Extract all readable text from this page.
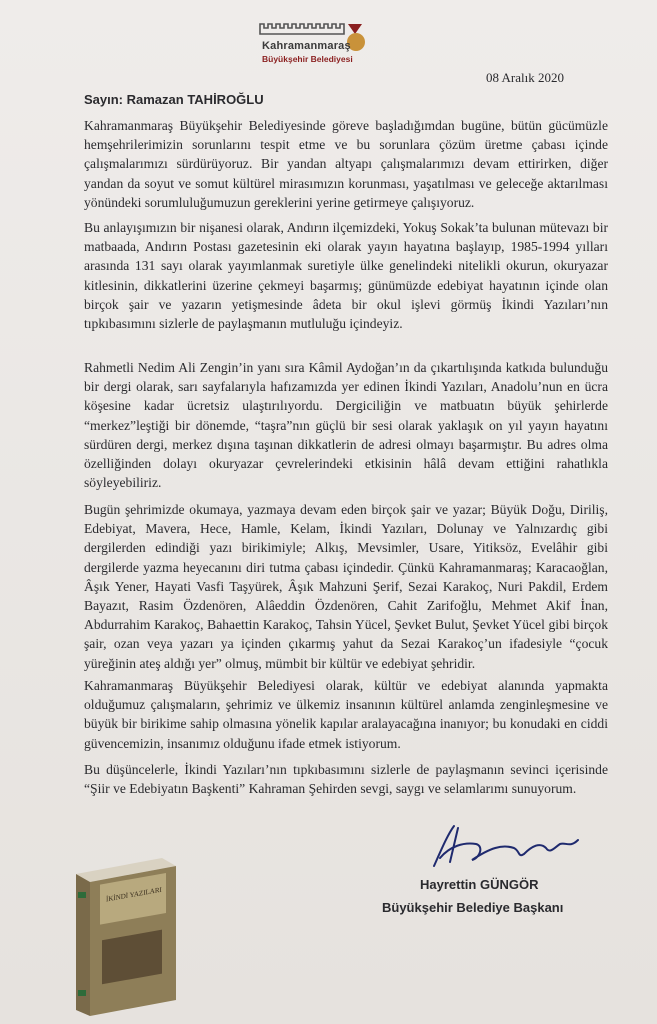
Kahramanmaraş
Büyükşehir Belediyesi
08 Aralık 2020
Sayın: Ramazan TAHİROĞLU

Kahramanmaraş Büyükşehir Belediyesinde göreve başladığımdan bugüne, bütün gücümüzle hemşehrilerimizin sorunlarını tespit etme ve bu sorunlara çözüm üretme çabası içinde çalışmalarımızı sürdürüyoruz. Bir yandan altyapı çalışmalarımızı devam ettirirken, diğer yandan da soyut ve somut kültürel mirasımızın korunması, yaşatılması ve geleceğe aktarılması yönündeki sorumluluğumuzun gereklerini yerine getirmeye çalışıyoruz.

Bu anlayışımızın bir nişanesi olarak, Andırın ilçemizdeki, Yokuş Sokak’ta bulunan mütevazı bir matbaada, Andırın Postası gazetesinin eki olarak yayın hayatına başlayıp, 1985-1994 yılları arasında 131 sayı olarak yayımlanmak suretiyle ülke genelindeki nitelikli okurun, okuryazar kitlesinin, dikkatlerini üzerine çekmeyi başarmış; günümüzde edebiyat hayatının içinde olan birçok şair ve yazarın yetişmesinde âdeta bir okul işlevi görmüş İkindi Yazıları’nın tıpkıbasımını sizlerle de paylaşmanın mutluluğu içindeyiz.

Rahmetli Nedim Ali Zengin’in yanı sıra Kâmil Aydoğan’ın da çıkartılışında katkıda bulunduğu bir dergi olarak, sarı sayfalarıyla hafızamızda yer edinen İkindi Yazıları, Anadolu’nun en ücra köşesine kadar ücretsiz ulaştırılıyordu. Dergiciliğin ve matbuatın büyük şehirlerde “merkez”leştiği bir dönemde, “taşra”nın güçlü bir sesi olarak yaklaşık on yıl yayın hayatını sürdüren dergi, merkez dışına taşınan dikkatlerin de adresi olmayı başarmıştır. Bu adres olma özelliğinden dolayı okuryazar çevrelerindeki etkisinin hâlâ devam ettiğini rahatlıkla söyleyebiliriz.

Bugün şehrimizde okumaya, yazmaya devam eden birçok şair ve yazar; Büyük Doğu, Diriliş, Edebiyat, Mavera, Hece, Hamle, Kelam, İkindi Yazıları, Dolunay ve Yalnızardıç gibi dergilerden edindiği yazı birikimiyle; Alkış, Mevsimler, Usare, Yitiksöz, Evelâhir gibi dergilerde yazma heyecanını diri tutma çabası içindedir. Çünkü Kahramanmaraş; Karacaoğlan, Âşık Yener, Hayati Vasfi Taşyürek, Âşık Mahzuni Şerif, Sezai Karakoç, Nuri Pakdil, Erdem Bayazıt, Rasim Özdenören, Alâeddin Özdenören, Cahit Zarifoğlu, Mehmet Akif İnan, Abdurrahim Karakoç, Bahaettin Karakoç, Tahsin Yücel, Şevket Bulut, Şevket Yücel gibi birçok şair, ozan veya yazarı ya içinden çıkarmış yahut da Sezai Karakoç’un ifadesiyle “çocuk yüreğinin ateş aldığı yer” olmuş, mümbit bir kültür ve edebiyat şehridir.

Kahramanmaraş Büyükşehir Belediyesi olarak, kültür ve edebiyat alanında yapmakta olduğumuz çalışmaların, şehrimiz ve ülkemiz insanının kültürel anlamda zenginleşmesine ve büyük bir birikime sahip olmasına yönelik kapılar aralayacağına inanıyor; bu konudaki en ciddi güvencemizin, insanımız olduğunu ifade etmek istiyorum.

Bu düşüncelerle, İkindi Yazıları’nın tıpkıbasımını sizlerle de paylaşmanın sevinci içerisinde “Şiir ve Edebiyatın Başkenti” Kahraman Şehirden sevgi, saygı ve selamlarımı sunuyorum.

Hayrettin GÜNGÖR
Büyükşehir Belediye Başkanı
İKİNDİ YAZILARI
